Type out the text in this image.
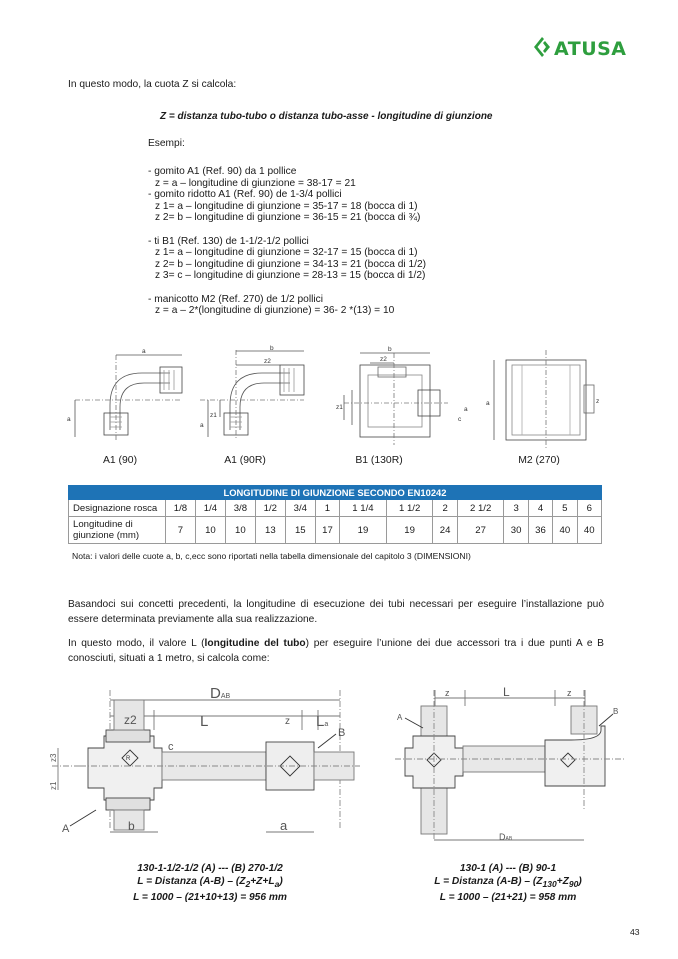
ATUSA
In questo modo, la cuota Z si calcola:
Z = distanza tubo-tubo o distanza tubo-asse - longitudine di giunzione
Esempi:
- gomito A1 (Ref. 90) da 1 pollice
z = a – longitudine di giunzione = 38-17 = 21
- gomito ridotto A1 (Ref. 90) de 1-3/4 pollici
z 1= a – longitudine di giunzione = 35-17 = 18 (bocca di 1)
z 2= b – longitudine di giunzione = 36-15 = 21 (bocca di ¾)
- ti B1 (Ref. 130) de 1-1/2-1/2 pollici
z 1= a – longitudine di giunzione = 32-17 = 15 (bocca di 1)
z 2= b – longitudine di giunzione = 34-13 = 21 (bocca di 1/2)
z 3= c – longitudine di giunzione = 28-13 = 15 (bocca di 1/2)
- manicotto M2 (Ref. 270) de 1/2 pollici
z = a – 2*(longitudine di giunzione) = 36- 2 *(13) = 10
a
a
b
z2
z1
a
b
z2
z1
c
a
a	z
A1 (90)	A1 (90R)	B1 (130R)	M2 (270)
LONGITUDINE DI GIUNZIONE SECONDO EN10242														
Designazione rosca	1/8	1/4	3/8	1/2	3/4	1	1 1/4	1 1/2	2	2 1/2	3	4	5	6
Longitudine di
giunzione (mm)	7	10	10	13	15	17	19	19	24	27	30	36	40	40
Nota: i valori delle cuote a, b, c,ecc sono riportati nella tabella dimensionale del capitolo 3 (DIMENSIONI)
Basandoci sui concetti precedenti, la longitudine di esecuzione dei tubi necessari per eseguire l’installazione può essere determinata previamente alla sua realizzazione.
In questo modo, il valore L (longitudine del tubo) per eseguire l’unione dei due accessori tra i due punti A e B conosciuti, situati a 1 metro, si calcola come:
R
DAB
z2	L	z La
B
c
z3
z1
A	b	a
z	L	z
A
B
DAB
130-1-1/2-1/2 (A) --- (B) 270-1/2
L = Distanza $(A-B) - (Z_2+Z+L_a)$
L = 1000 – (21+10+13) = 956 mm
130-1 (A) --- (B) 90-1
L = Distanza $(A-B) - (Z_{130}+Z_{90})$
L = 1000 – (21+21) = 958 mm
43
